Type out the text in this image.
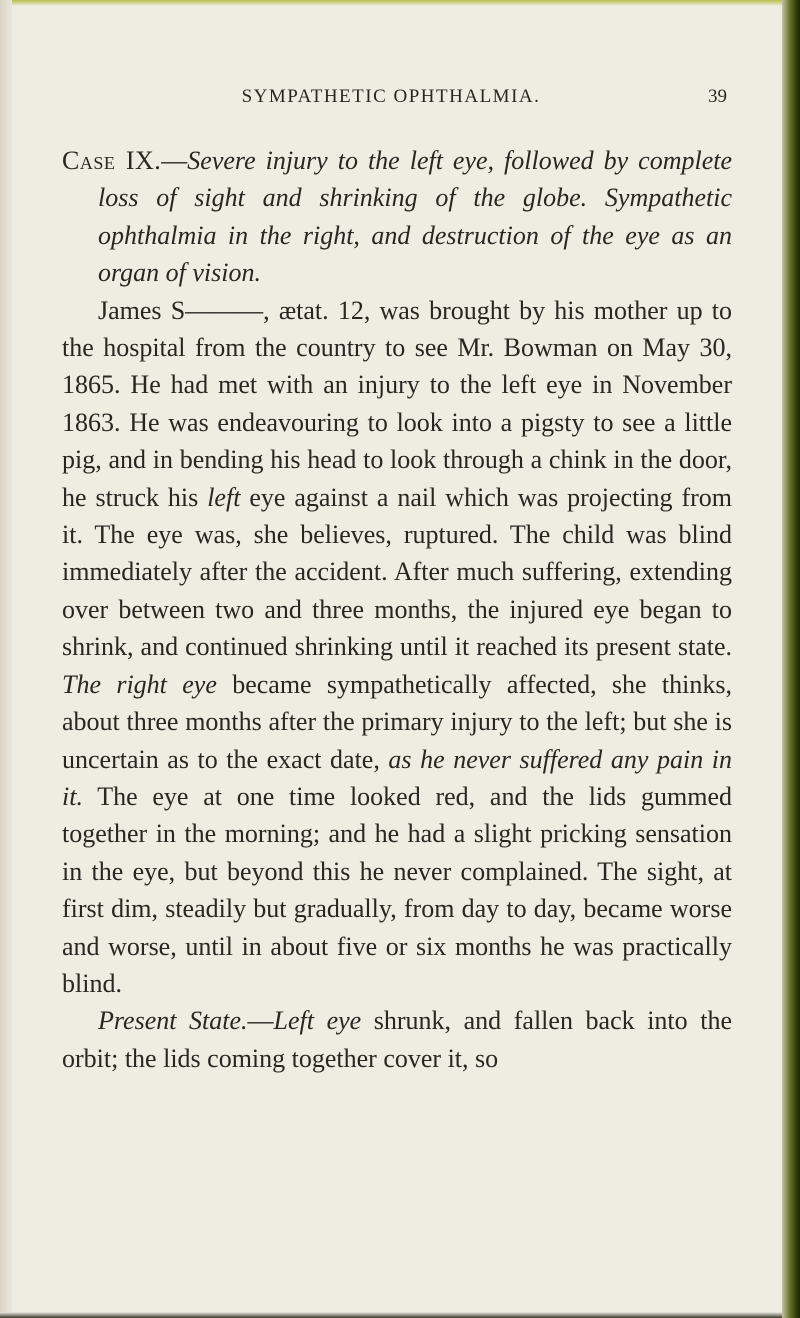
SYMPATHETIC OPHTHALMIA.	39

Case IX.—Severe injury to the left eye, followed by complete loss of sight and shrinking of the globe. Sympathetic ophthalmia in the right, and destruction of the eye as an organ of vision.

James S———, ætat. 12, was brought by his mother up to the hospital from the country to see Mr. Bowman on May 30, 1865. He had met with an injury to the left eye in November 1863. He was endeavouring to look into a pigsty to see a little pig, and in bending his head to look through a chink in the door, he struck his left eye against a nail which was projecting from it. The eye was, she believes, ruptured. The child was blind immediately after the accident. After much suffering, extending over between two and three months, the injured eye began to shrink, and continued shrinking until it reached its present state. The right eye became sympathetically affected, she thinks, about three months after the primary injury to the left; but she is uncertain as to the exact date, as he never suffered any pain in it. The eye at one time looked red, and the lids gummed together in the morning; and he had a slight pricking sensation in the eye, but beyond this he never complained. The sight, at first dim, steadily but gradually, from day to day, became worse and worse, until in about five or six months he was practically blind.

Present State.—Left eye shrunk, and fallen back into the orbit; the lids coming together cover it, so
